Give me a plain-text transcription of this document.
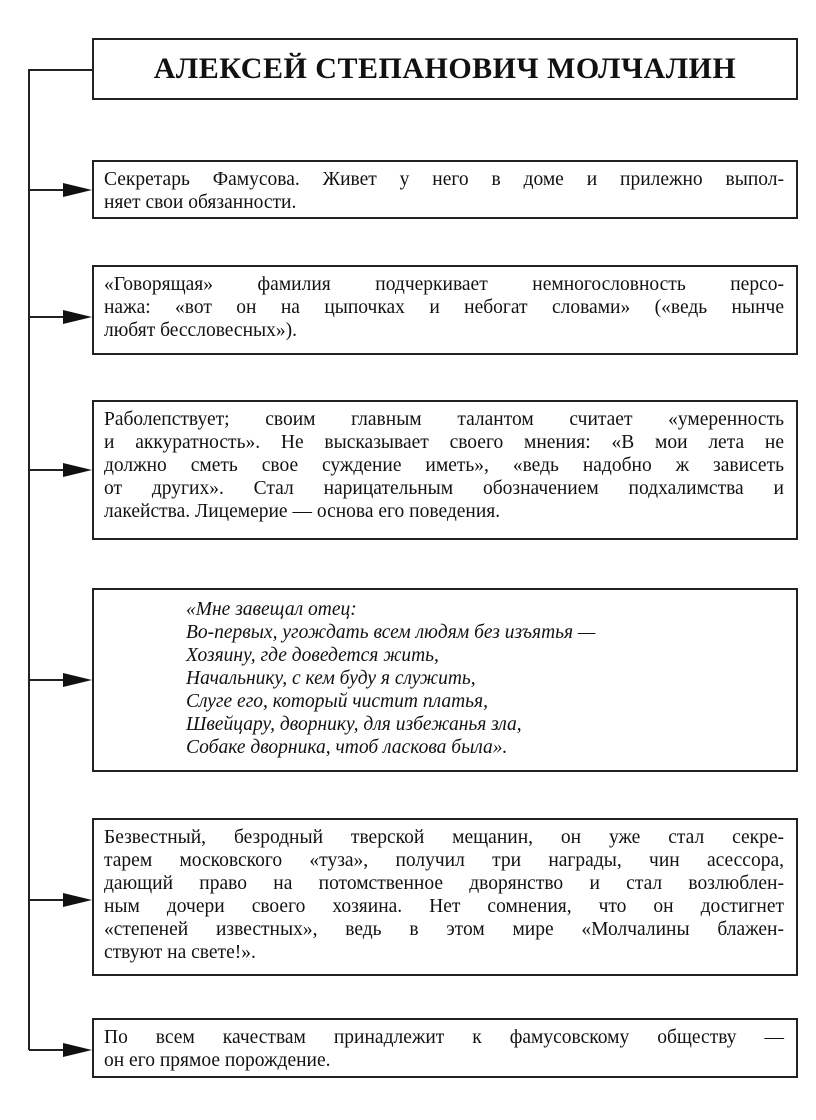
АЛЕКСЕЙ СТЕПАНОВИЧ МОЛЧАЛИН
Секретарь Фамусова. Живет у него в доме и прилежно выпол-
няет свои обязанности.
«Говорящая» фамилия подчеркивает немногословность персо-
нажа: «вот он на цыпочках и небогат словами» («ведь нынче
любят бессловесных»).
Раболепствует; своим главным талантом считает «умеренность
и аккуратность». Не высказывает своего мнения: «В мои лета не
должно сметь свое суждение иметь», «ведь надобно ж зависеть
от других». Стал нарицательным обозначением подхалимства и
лакейства. Лицемерие — основа его поведения.
«Мне завещал отец:
Во-первых, угождать всем людям без изъятья —
Хозяину, где доведется жить,
Начальнику, с кем буду я служить,
Слуге его, который чистит платья,
Швейцару, дворнику, для избежанья зла,
Собаке дворника, чтоб ласкова была».
Безвестный, безродный тверской мещанин, он уже стал секре-
тарем московского «туза», получил три награды, чин асессора,
дающий право на потомственное дворянство и стал возлюблен-
ным дочери своего хозяина. Нет сомнения, что он достигнет
«степеней известных», ведь в этом мире «Молчалины блажен-
ствуют на свете!».
По всем качествам принадлежит к фамусовскому обществу —
он его прямое порождение.
